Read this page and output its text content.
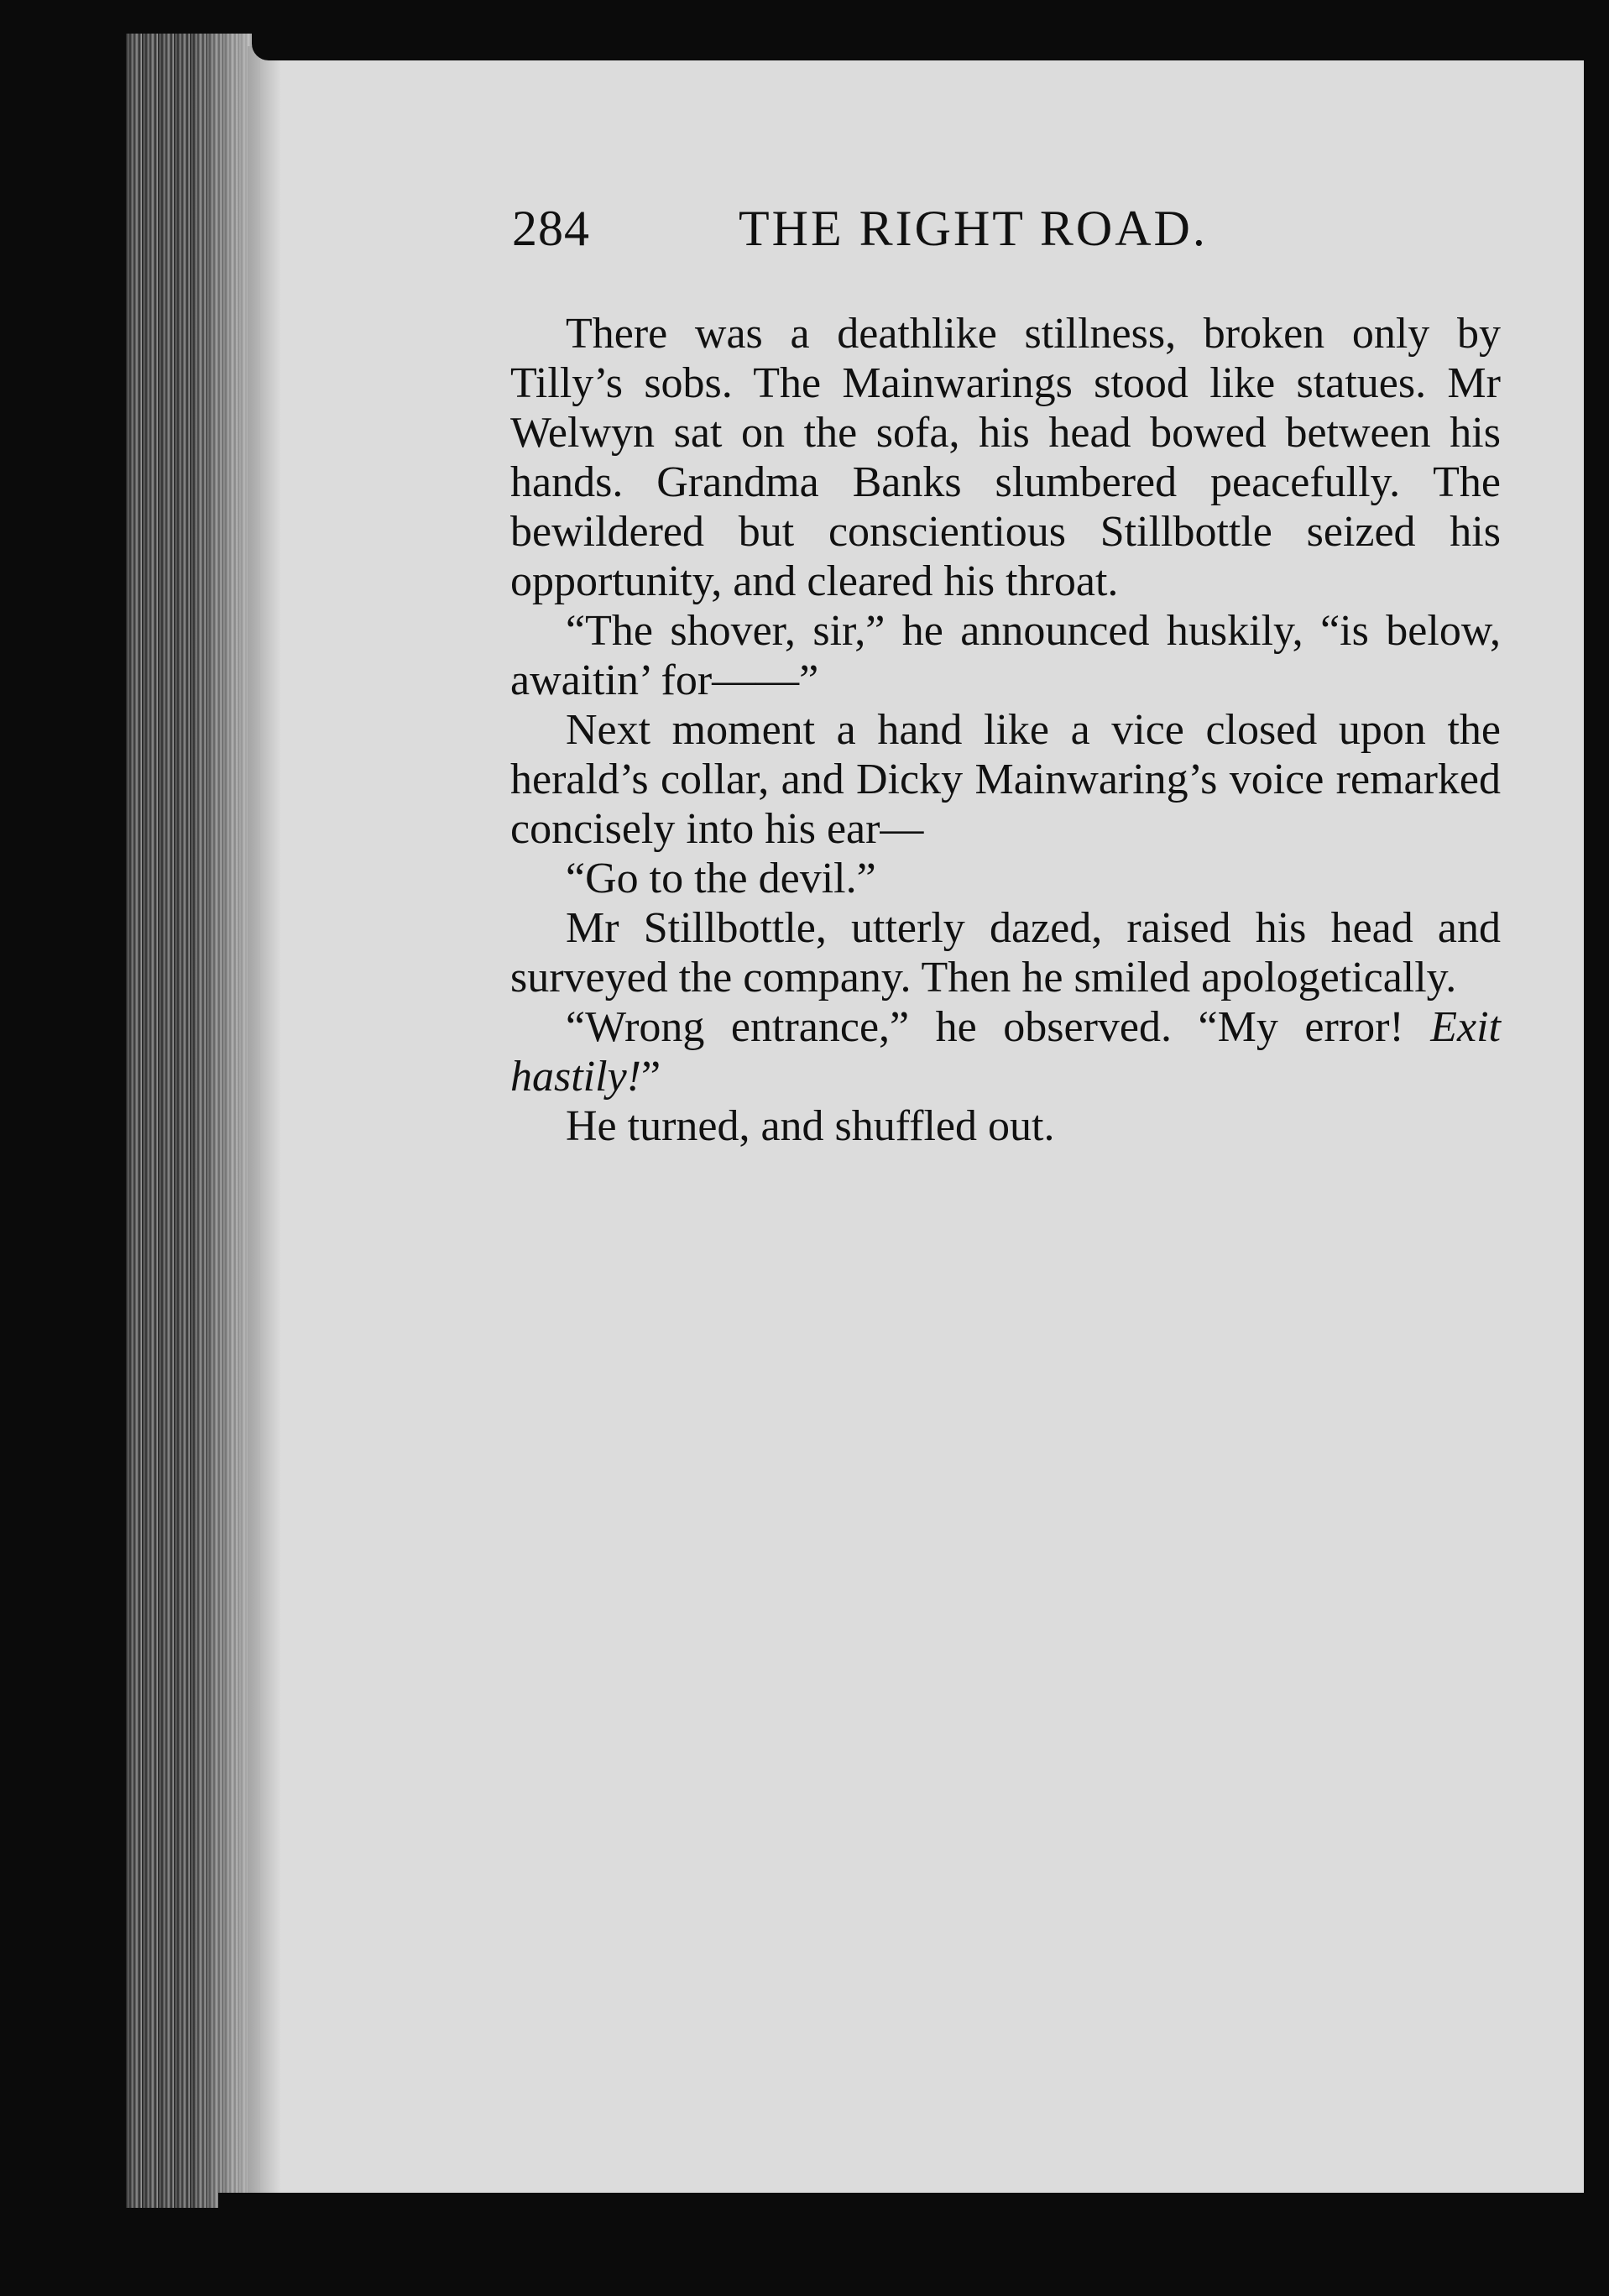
284	THE RIGHT ROAD.

There was a deathlike stillness, broken only by Tilly’s sobs. The Mainwarings stood like statues. Mr Welwyn sat on the sofa, his head bowed between his hands. Grandma Banks slumbered peacefully. The bewildered but conscientious Stillbottle seized his opportunity, and cleared his throat.

“The shover, sir,” he announced huskily, “is below, awaitin’ for——”

Next moment a hand like a vice closed upon the herald’s collar, and Dicky Mainwaring’s voice remarked concisely into his ear—

“Go to the devil.”

Mr Stillbottle, utterly dazed, raised his head and surveyed the company. Then he smiled apologetically.

“Wrong entrance,” he observed. “My error! Exit hastily!”

He turned, and shuffled out.
